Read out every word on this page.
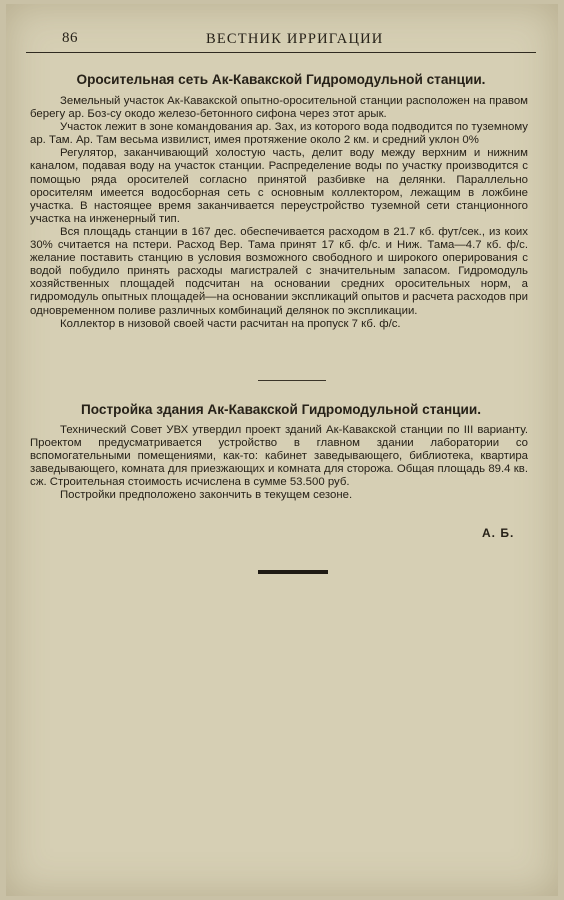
86	ВЕСТНИК ИРРИГАЦИИ
Оросительная сеть Ак-Кавакской Гидромодульной станции.

Земельный участок Ак-Кавакской опытно-оросительной станции расположен на правом берегу ар. Боз-су окодо железо-бетонного сифона через этот арык.

Участок лежит в зоне командования ар. Зах, из которого вода подводится по туземному ар. Там. Ар. Там весьма извилист, имея протяжение около 2 км. и средний уклон 0%

Регулятор, заканчивающий холостую часть, делит воду между верхним и нижним каналом, подавая воду на участок станции. Распределение воды по участку производится с помощью ряда оросителей согласно принятой разбивке на делянки. Параллельно оросителям имеется водосборная сеть с основным коллектором, лежащим в ложбине участка. В настоящее время заканчивается переустройство туземной сети станционного участка на инженерный тип.

Вся площадь станции в 167 дес. обеспечивается расходом в 21.7 кб. фут/сек., из коих 30% считается на пстери. Расход Вер. Тама принят 17 кб. ф/с. и Ниж. Тама—4.7 кб. ф/с. желание поставить станцию в условия возможного свободного и широкого оперирования с водой побудило принять расходы магистралей с значительным запасом. Гидромодуль хозяйственных площадей подсчитан на основании средних оросительных норм, а гидромодуль опытных площадей—на основании экспликаций опытов и расчета расходов при одновременном поливе различных комбинаций делянок по экспликации.

Коллектор в низовой своей части расчитан на пропуск 7 кб. ф/с.

Постройка здания Ак-Кавакской Гидромодульной станции.

Технический Совет УВХ утвердил проект зданий Ак-Кавакской станции по III варианту. Проектом предусматривается устройство в главном здании лаборатории со вспомогательными помещениями, как-то: кабинет заведывающего, библиотека, квартира заведывающего, комната для приезжающих и комната для сторожа. Общая площадь 89.4 кв. сж. Строительная стоимость исчислена в сумме 53.500 руб.

Постройки предположено закончить в текущем сезоне.

А. Б.
